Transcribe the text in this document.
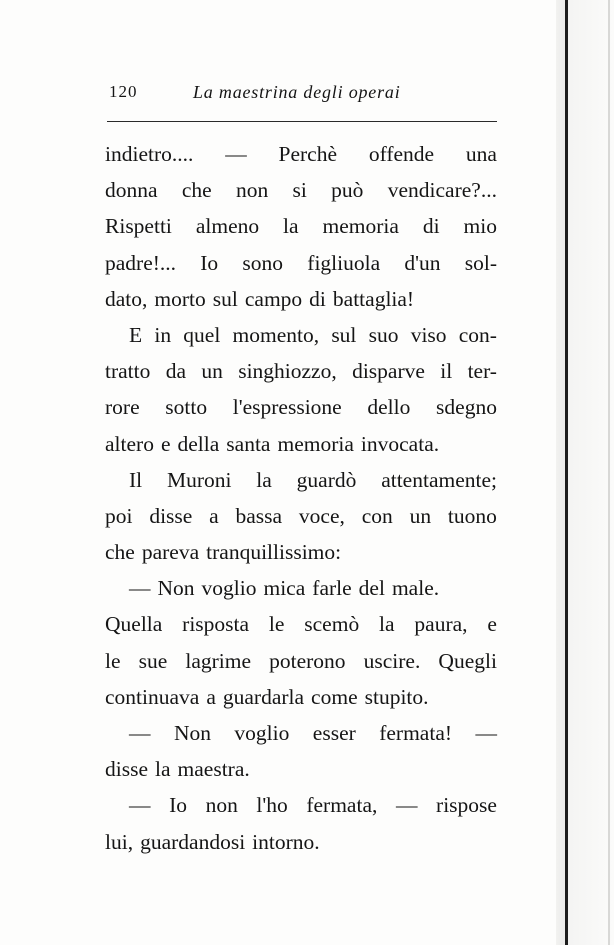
120	La maestrina degli operai
indietro.... — Perchè offende una
donna che non si può vendicare?...
Rispetti almeno la memoria di mio
padre!... Io sono figliuola d'un sol-
dato, morto sul campo di battaglia!
E in quel momento, sul suo viso con-
tratto da un singhiozzo, disparve il ter-
rore sotto l'espressione dello sdegno
altero e della santa memoria invocata.
Il Muroni la guardò attentamente;
poi disse a bassa voce, con un tuono
che pareva tranquillissimo:
— Non voglio mica farle del male.
Quella risposta le scemò la paura, e
le sue lagrime poterono uscire. Quegli
continuava a guardarla come stupito.
— Non voglio esser fermata! —
disse la maestra.
— Io non l'ho fermata, — rispose
lui, guardandosi intorno.
